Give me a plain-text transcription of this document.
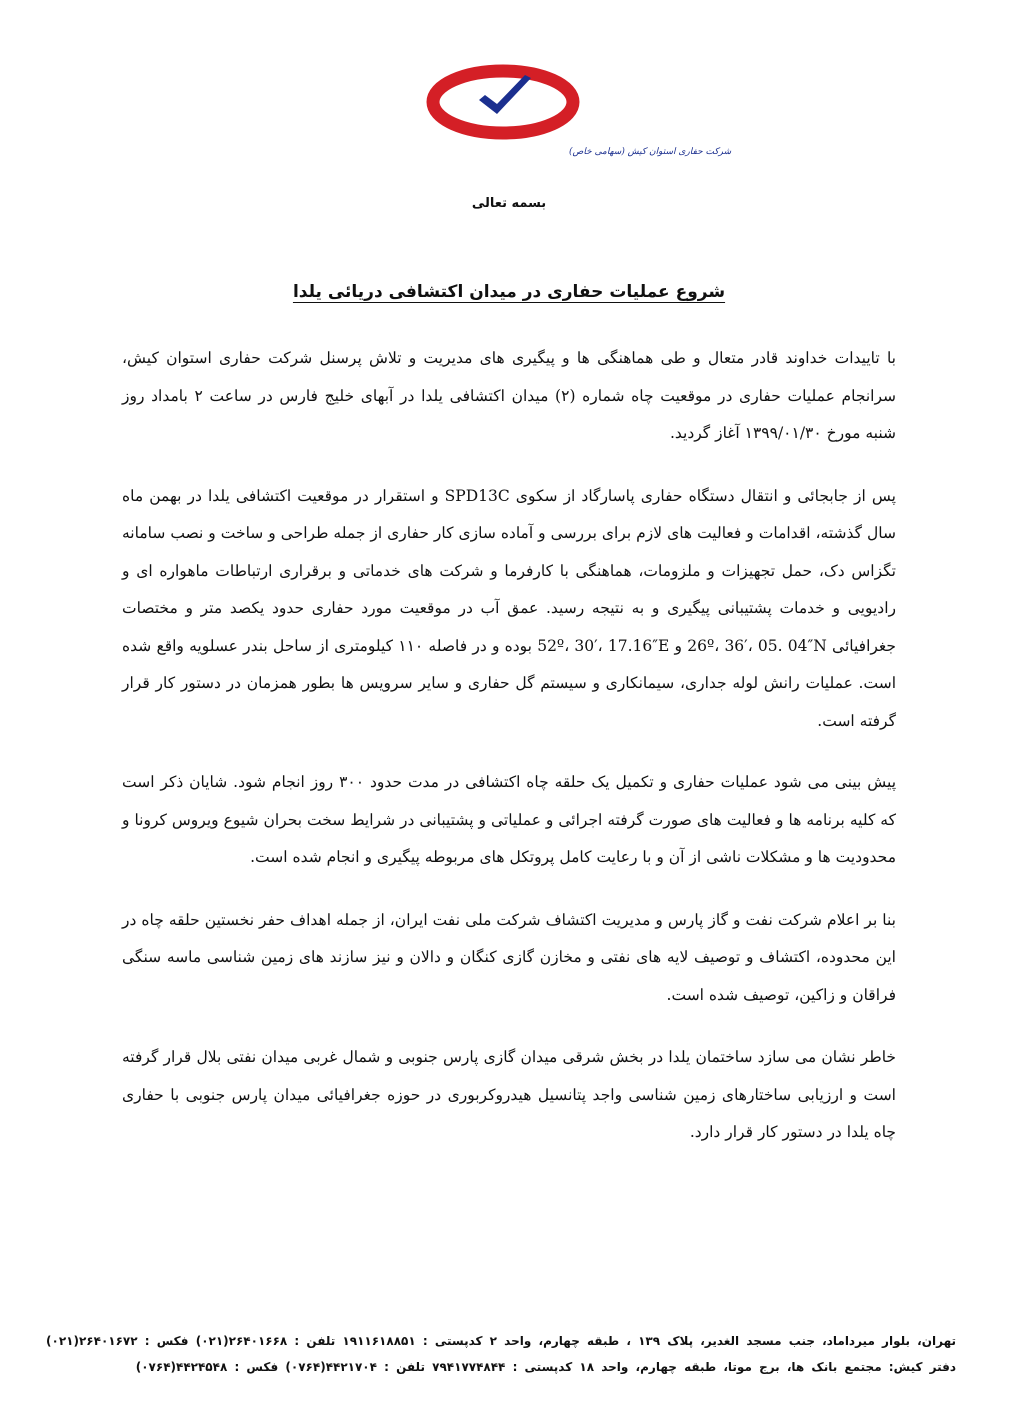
شرکت حفاری استوان کیش (سهامی خاص)
بسمه تعالی
شروع عملیات حفاری در میدان اکتشافی دریائی یلدا

با تاییدات خداوند قادر متعال و طی هماهنگی ها و پیگیری های مدیریت و تلاش پرسنل شرکت حفاری استوان کیش، سرانجام عملیات حفاری در موقعیت چاه شماره (۲) میدان اکتشافی یلدا در آبهای خلیج فارس در ساعت ۲ بامداد روز شنبه مورخ ۱۳۹۹/۰۱/۳۰ آغاز گردید.

پس از جابجائی و انتقال دستگاه حفاری پاسارگاد از سکوی SPD13C و استقرار در موقعیت اکتشافی یلدا در بهمن ماه سال گذشته، اقدامات و فعالیت های لازم برای بررسی و آماده سازی کار حفاری از جمله طراحی و ساخت و نصب سامانه تگزاس دک، حمل تجهیزات و ملزومات، هماهنگی با کارفرما و شرکت های خدماتی و برقراری ارتباطات ماهواره ای و رادیویی و خدمات پشتیبانی پیگیری و به نتیجه رسید. عمق آب در موقعیت مورد حفاری حدود یکصد متر و مختصات جغرافیائی 26º، 36′، 05. 04″N و 52º، 30′، 17.16″E بوده و در فاصله ۱۱۰ کیلومتری از ساحل بندر عسلویه واقع شده است. عملیات رانش لوله جداری، سیمانکاری و سیستم گل حفاری و سایر سرویس ها بطور همزمان در دستور کار قرار گرفته است.

پیش بینی می شود عملیات حفاری و تکمیل یک حلقه چاه اکتشافی در مدت حدود ۳۰۰ روز انجام شود. شایان ذکر است که کلیه برنامه ها و فعالیت های صورت گرفته اجرائی و عملیاتی و پشتیبانی در شرایط سخت بحران شیوع ویروس کرونا و محدودیت ها و مشکلات ناشی از آن و با رعایت کامل پروتکل های مربوطه پیگیری و انجام شده است.

بنا بر اعلام شرکت نفت و گاز پارس و مدیریت اکتشاف شرکت ملی نفت ایران، از جمله اهداف حفر نخستین حلقه چاه در این محدوده، اکتشاف و توصیف لایه های نفتی و مخازن گازی کنگان و دالان و نیز سازند های زمین شناسی ماسه سنگی فراقان و زاکین، توصیف شده است.

خاطر نشان می سازد ساختمان یلدا در بخش شرقی میدان گازی پارس جنوبی و شمال غربی میدان نفتی بلال قرار گرفته است و ارزیابی ساختارهای زمین شناسی واجد پتانسیل هیدروکربوری در حوزه جغرافیائی میدان پارس جنوبی با حفاری چاه یلدا در دستور کار قرار دارد.

تهران، بلوار میرداماد، جنب مسجد الغدیر، پلاک ۱۳۹ ، طبقه چهارم، واحد ۲ کدپستی : ۱۹۱۱۶۱۸۸۵۱ تلفن : ۲۶۴۰۱۶۶۸(۰۲۱) فکس : ۲۶۴۰۱۶۷۲(۰۲۱)
دفتر کیش: مجتمع بانک ها، برج موتا، طبقه چهارم، واحد ۱۸ کدپستی : ۷۹۴۱۷۷۴۸۴۴ تلفن : ۴۴۲۱۷۰۴(۰۷۶۴) فکس : ۴۴۲۴۵۴۸(۰۷۶۴)
